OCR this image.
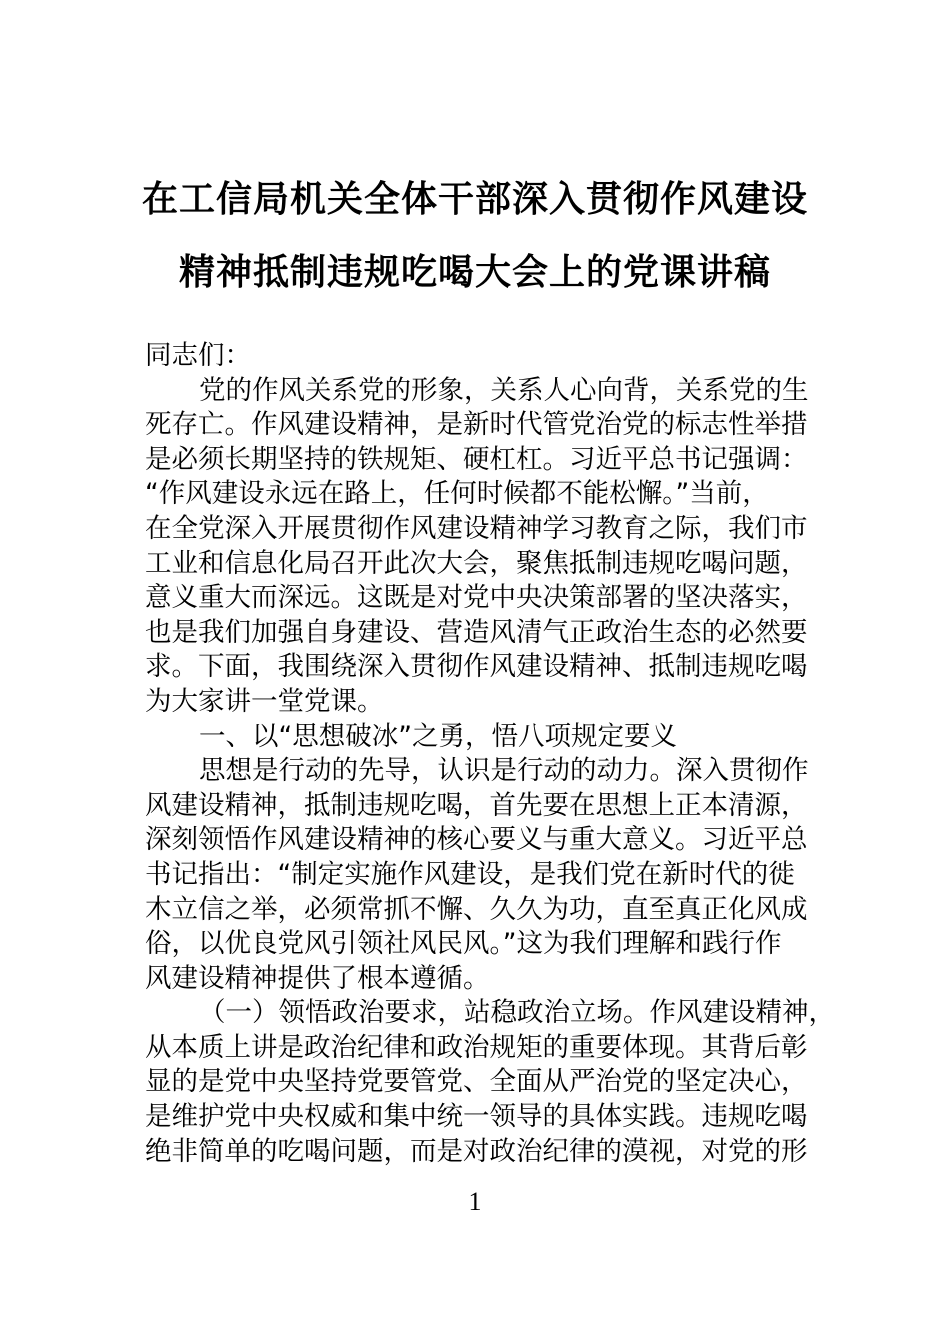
在工信局机关全体干部深入贯彻作风建设
精神抵制违规吃喝大会上的党课讲稿
同志们：
党的作风关系党的形象，关系人心向背，关系党的生
死存亡。作风建设精神，是新时代管党治党的标志性举措
是必须长期坚持的铁规矩、硬杠杠。习近平总书记强调：
“作风建设永远在路上，任何时候都不能松懈。”当前，
在全党深入开展贯彻作风建设精神学习教育之际，我们市
工业和信息化局召开此次大会，聚焦抵制违规吃喝问题，
意义重大而深远。这既是对党中央决策部署的坚决落实，
也是我们加强自身建设、营造风清气正政治生态的必然要
求。下面，我围绕深入贯彻作风建设精神、抵制违规吃喝
为大家讲一堂党课。
一、以“思想破冰”之勇，悟八项规定要义
思想是行动的先导，认识是行动的动力。深入贯彻作
风建设精神，抵制违规吃喝，首先要在思想上正本清源，
深刻领悟作风建设精神的核心要义与重大意义。习近平总
书记指出：“制定实施作风建设，是我们党在新时代的徙
木立信之举，必须常抓不懈、久久为功，直至真正化风成
俗，以优良党风引领社风民风。”这为我们理解和践行作
风建设精神提供了根本遵循。
（一）领悟政治要求，站稳政治立场。作风建设精神，
从本质上讲是政治纪律和政治规矩的重要体现。其背后彰
显的是党中央坚持党要管党、全面从严治党的坚定决心，
是维护党中央权威和集中统一领导的具体实践。违规吃喝
绝非简单的吃喝问题，而是对政治纪律的漠视，对党的形
1
